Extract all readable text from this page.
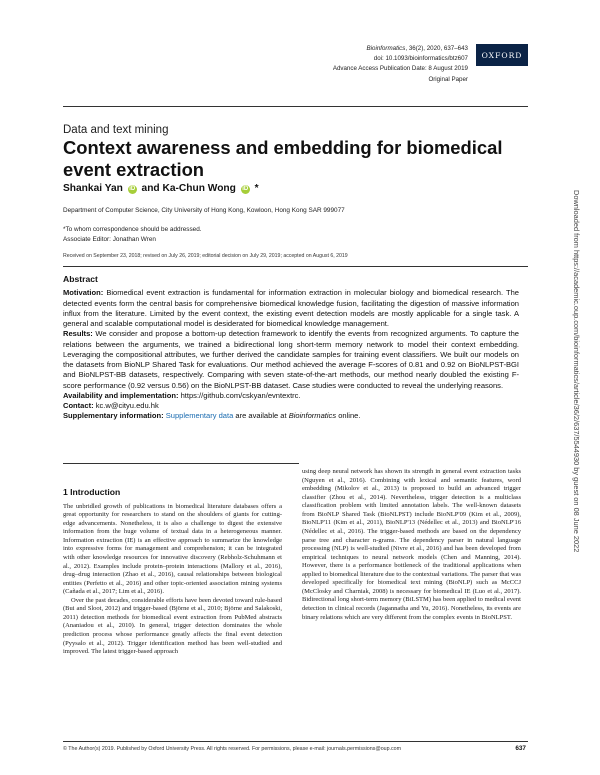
Bioinformatics, 36(2), 2020, 637–643
doi: 10.1093/bioinformatics/btz607
Advance Access Publication Date: 8 August 2019
Original Paper
OXFORD
Data and text mining
Context awareness and embedding for biomedical event extraction
Shankai Yan iD and Ka-Chun Wong iD *
Department of Computer Science, City University of Hong Kong, Kowloon, Hong Kong SAR 999077
*To whom correspondence should be addressed.
Associate Editor: Jonathan Wren
Received on September 23, 2018; revised on July 26, 2019; editorial decision on July 29, 2019; accepted on August 6, 2019
Abstract

Motivation: Biomedical event extraction is fundamental for information extraction in molecular biology and biomedical research. The detected events form the central basis for comprehensive biomedical knowledge fusion, facilitating the digestion of massive information influx from the literature. Limited by the event context, the existing event detection models are mostly applicable for a single task. A general and scalable computational model is desiderated for biomedical knowledge management.

Results: We consider and propose a bottom-up detection framework to identify the events from recognized arguments. To capture the relations between the arguments, we trained a bidirectional long short-term memory network to model their context embedding. Leveraging the compositional attributes, we further derived the candidate samples for training event classifiers. We built our models on the datasets from BioNLP Shared Task for evaluations. Our method achieved the average F-scores of 0.81 and 0.92 on BioNLPST-BGI and BioNLPST-BB datasets, respectively. Comparing with seven state-of-the-art methods, our method nearly doubled the existing F-score performance (0.92 versus 0.56) on the BioNLPST-BB dataset. Case studies were conducted to reveal the underlying reasons.

Availability and implementation: https://github.com/cskyan/evntextrc.

Contact: kc.w@cityu.edu.hk

Supplementary information: Supplementary data are available at Bioinformatics online.

1 Introduction

The unbridled growth of publications in biomedical literature databases offers a great opportunity for researchers to stand on the shoulders of giants for cutting-edge advancements. Nonetheless, it is also a challenge to digest the extensive information from the huge volume of textual data in a heterogeneous manner. Information extraction (IE) is an effective approach to summarize the knowledge into expressive forms for management and comprehension; it can be integrated with other knowledge resources for innovative discovery (Rebholz-Schuhmann et al., 2012). Examples include protein–protein interactions (Mallory et al., 2016), drug–drug interaction (Zhao et al., 2016), causal relationships between biological entities (Perfetto et al., 2016) and other topic-oriented association mining systems (Cañada et al., 2017; Lim et al., 2016).

Over the past decades, considerable efforts have been devoted toward rule-based (Bui and Sloot, 2012) and trigger-based (Björne et al., 2010; Björne and Salakoski, 2011) detection methods for biomedical event extraction from PubMed abstracts (Ananiadou et al., 2010). In general, trigger detection dominates the whole prediction process whose performance greatly affects the final event detection (Pyysalo et al., 2012). Trigger identification method has been well-studied and improved. The latest trigger-based approach

using deep neural network has shown its strength in general event extraction tasks (Nguyen et al., 2016). Combining with lexical and semantic features, word embedding (Mikolov et al., 2013) is proposed to build an advanced trigger classifier (Zhou et al., 2014). Nevertheless, trigger detection is a multiclass classification problem with limited annotation labels. The well-known datasets from BioNLP Shared Task (BioNLPST) include BioNLP'09 (Kim et al., 2009), BioNLP'11 (Kim et al., 2011), BioNLP'13 (Nédellec et al., 2013) and BioNLP'16 (Nédellec et al., 2016). The trigger-based methods are based on the dependency parse tree and character n-grams. The dependency parser in natural language processing (NLP) is well-studied (Nivre et al., 2016) and has been developed from empirical techniques to neural network models (Chen and Manning, 2014). However, there is a performance bottleneck of the traditional applications when applied to biomedical literature due to the contextual variations. The parser that was developed specifically for biomedical text mining (BioNLP) such as McCCJ (McClosky and Charniak, 2008) is necessary for biomedical IE (Luo et al., 2017). Bidirectional long short-term memory (BiLSTM) has been applied to medical event detection in clinical records (Jagannatha and Yu, 2016). Nonetheless, its events are binary relations which are very different from the complex events in BioNLPST.

© The Author(s) 2019. Published by Oxford University Press. All rights reserved. For permissions, please e-mail: journals.permissions@oup.com	637
Downloaded from https://academic.oup.com/bioinformatics/article/36/2/637/5544930 by guest on 08 June 2022
